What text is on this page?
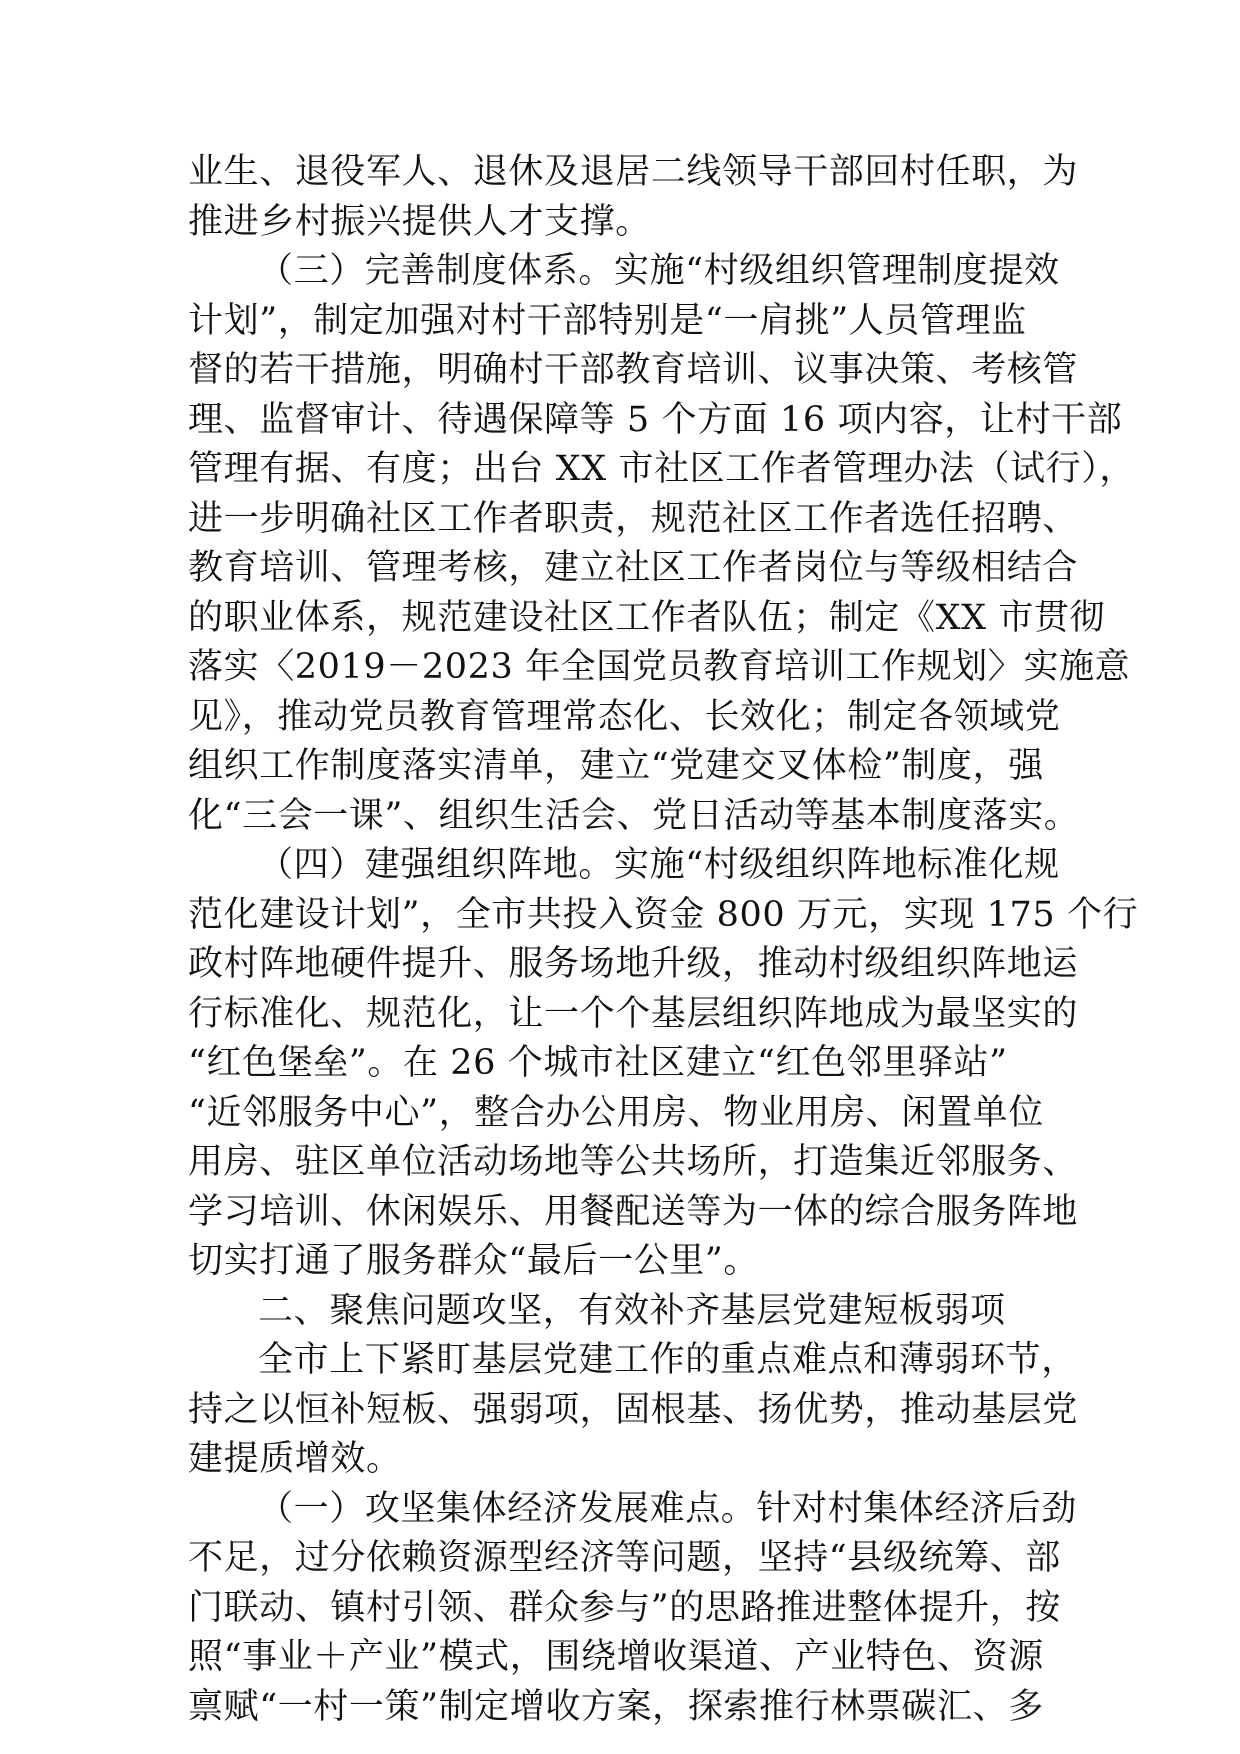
业生、退役军人、退休及退居二线领导干部回村任职，为
推进乡村振兴提供人才支撑。
（三）完善制度体系。实施“村级组织管理制度提效
计划”，制定加强对村干部特别是“一肩挑”人员管理监
督的若干措施，明确村干部教育培训、议事决策、考核管
理、监督审计、待遇保障等 5 个方面 16 项内容，让村干部
管理有据、有度；出台 XX 市社区工作者管理办法（试行），
进一步明确社区工作者职责，规范社区工作者选任招聘、
教育培训、管理考核，建立社区工作者岗位与等级相结合
的职业体系，规范建设社区工作者队伍；制定《XX 市贯彻
落实〈2019－2023 年全国党员教育培训工作规划〉实施意
见》，推动党员教育管理常态化、长效化；制定各领域党
组织工作制度落实清单，建立“党建交叉体检”制度，强
化“三会一课”、组织生活会、党日活动等基本制度落实。
（四）建强组织阵地。实施“村级组织阵地标准化规
范化建设计划”，全市共投入资金 800 万元，实现 175 个行
政村阵地硬件提升、服务场地升级，推动村级组织阵地运
行标准化、规范化，让一个个基层组织阵地成为最坚实的
“红色堡垒”。在 26 个城市社区建立“红色邻里驿站”
“近邻服务中心”，整合办公用房、物业用房、闲置单位
用房、驻区单位活动场地等公共场所，打造集近邻服务、
学习培训、休闲娱乐、用餐配送等为一体的综合服务阵地
切实打通了服务群众“最后一公里”。
二、聚焦问题攻坚，有效补齐基层党建短板弱项
全市上下紧盯基层党建工作的重点难点和薄弱环节，
持之以恒补短板、强弱项，固根基、扬优势，推动基层党
建提质增效。
（一）攻坚集体经济发展难点。针对村集体经济后劲
不足，过分依赖资源型经济等问题，坚持“县级统筹、部
门联动、镇村引领、群众参与”的思路推进整体提升，按
照“事业＋产业”模式，围绕增收渠道、产业特色、资源
禀赋“一村一策”制定增收方案，探索推行林票碳汇、多
